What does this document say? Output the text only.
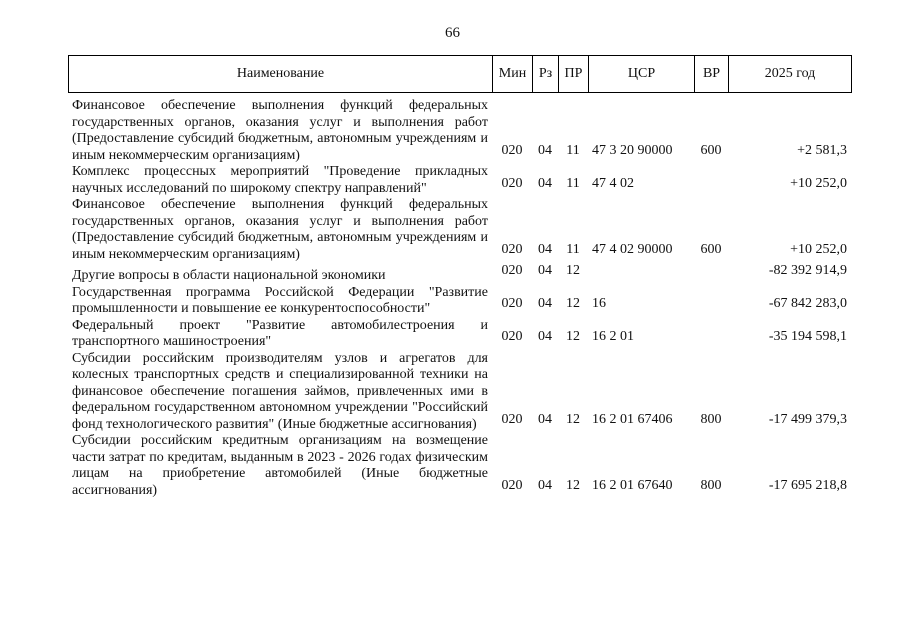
66
Наименование	Мин	Рз	ПР	ЦСР	ВР	2025 год
Финансовое обеспечение выполнения функций федеральных государственных органов, оказания услуг и выполнения работ (Предоставление субсидий бюджетным, автономным учреждениям и иным некоммерческим организациям)	020	04	11	47 3 20 90000	600	+2 581,3
Комплекс процессных мероприятий "Проведение прикладных научных исследований по широкому спектру направлений"	020	04	11	47 4 02		+10 252,0
Финансовое обеспечение выполнения функций федеральных государственных органов, оказания услуг и выполнения работ (Предоставление субсидий бюджетным, автономным учреждениям и иным некоммерческим организациям)	020	04	11	47 4 02 90000	600	+10 252,0
Другие вопросы в области национальной экономики	020	04	12			-82 392 914,9
Государственная программа Российской Федерации "Развитие промышленности и повышение ее конкурентоспособности"	020	04	12	16		-67 842 283,0
Федеральный проект "Развитие автомобилестроения и транспортного машиностроения"	020	04	12	16 2 01		-35 194 598,1
Субсидии российским производителям узлов и агрегатов для колесных транспортных средств и специализированной техники на финансовое обеспечение погашения займов, привлеченных ими в федеральном государственном автономном учреждении "Российский фонд технологического развития" (Иные бюджетные ассигнования)	020	04	12	16 2 01 67406	800	-17 499 379,3
Субсидии российским кредитным организациям на возмещение части затрат по кредитам, выданным в 2023 - 2026 годах физическим лицам на приобретение автомобилей (Иные бюджетные ассигнования)	020	04	12	16 2 01 67640	800	-17 695 218,8
